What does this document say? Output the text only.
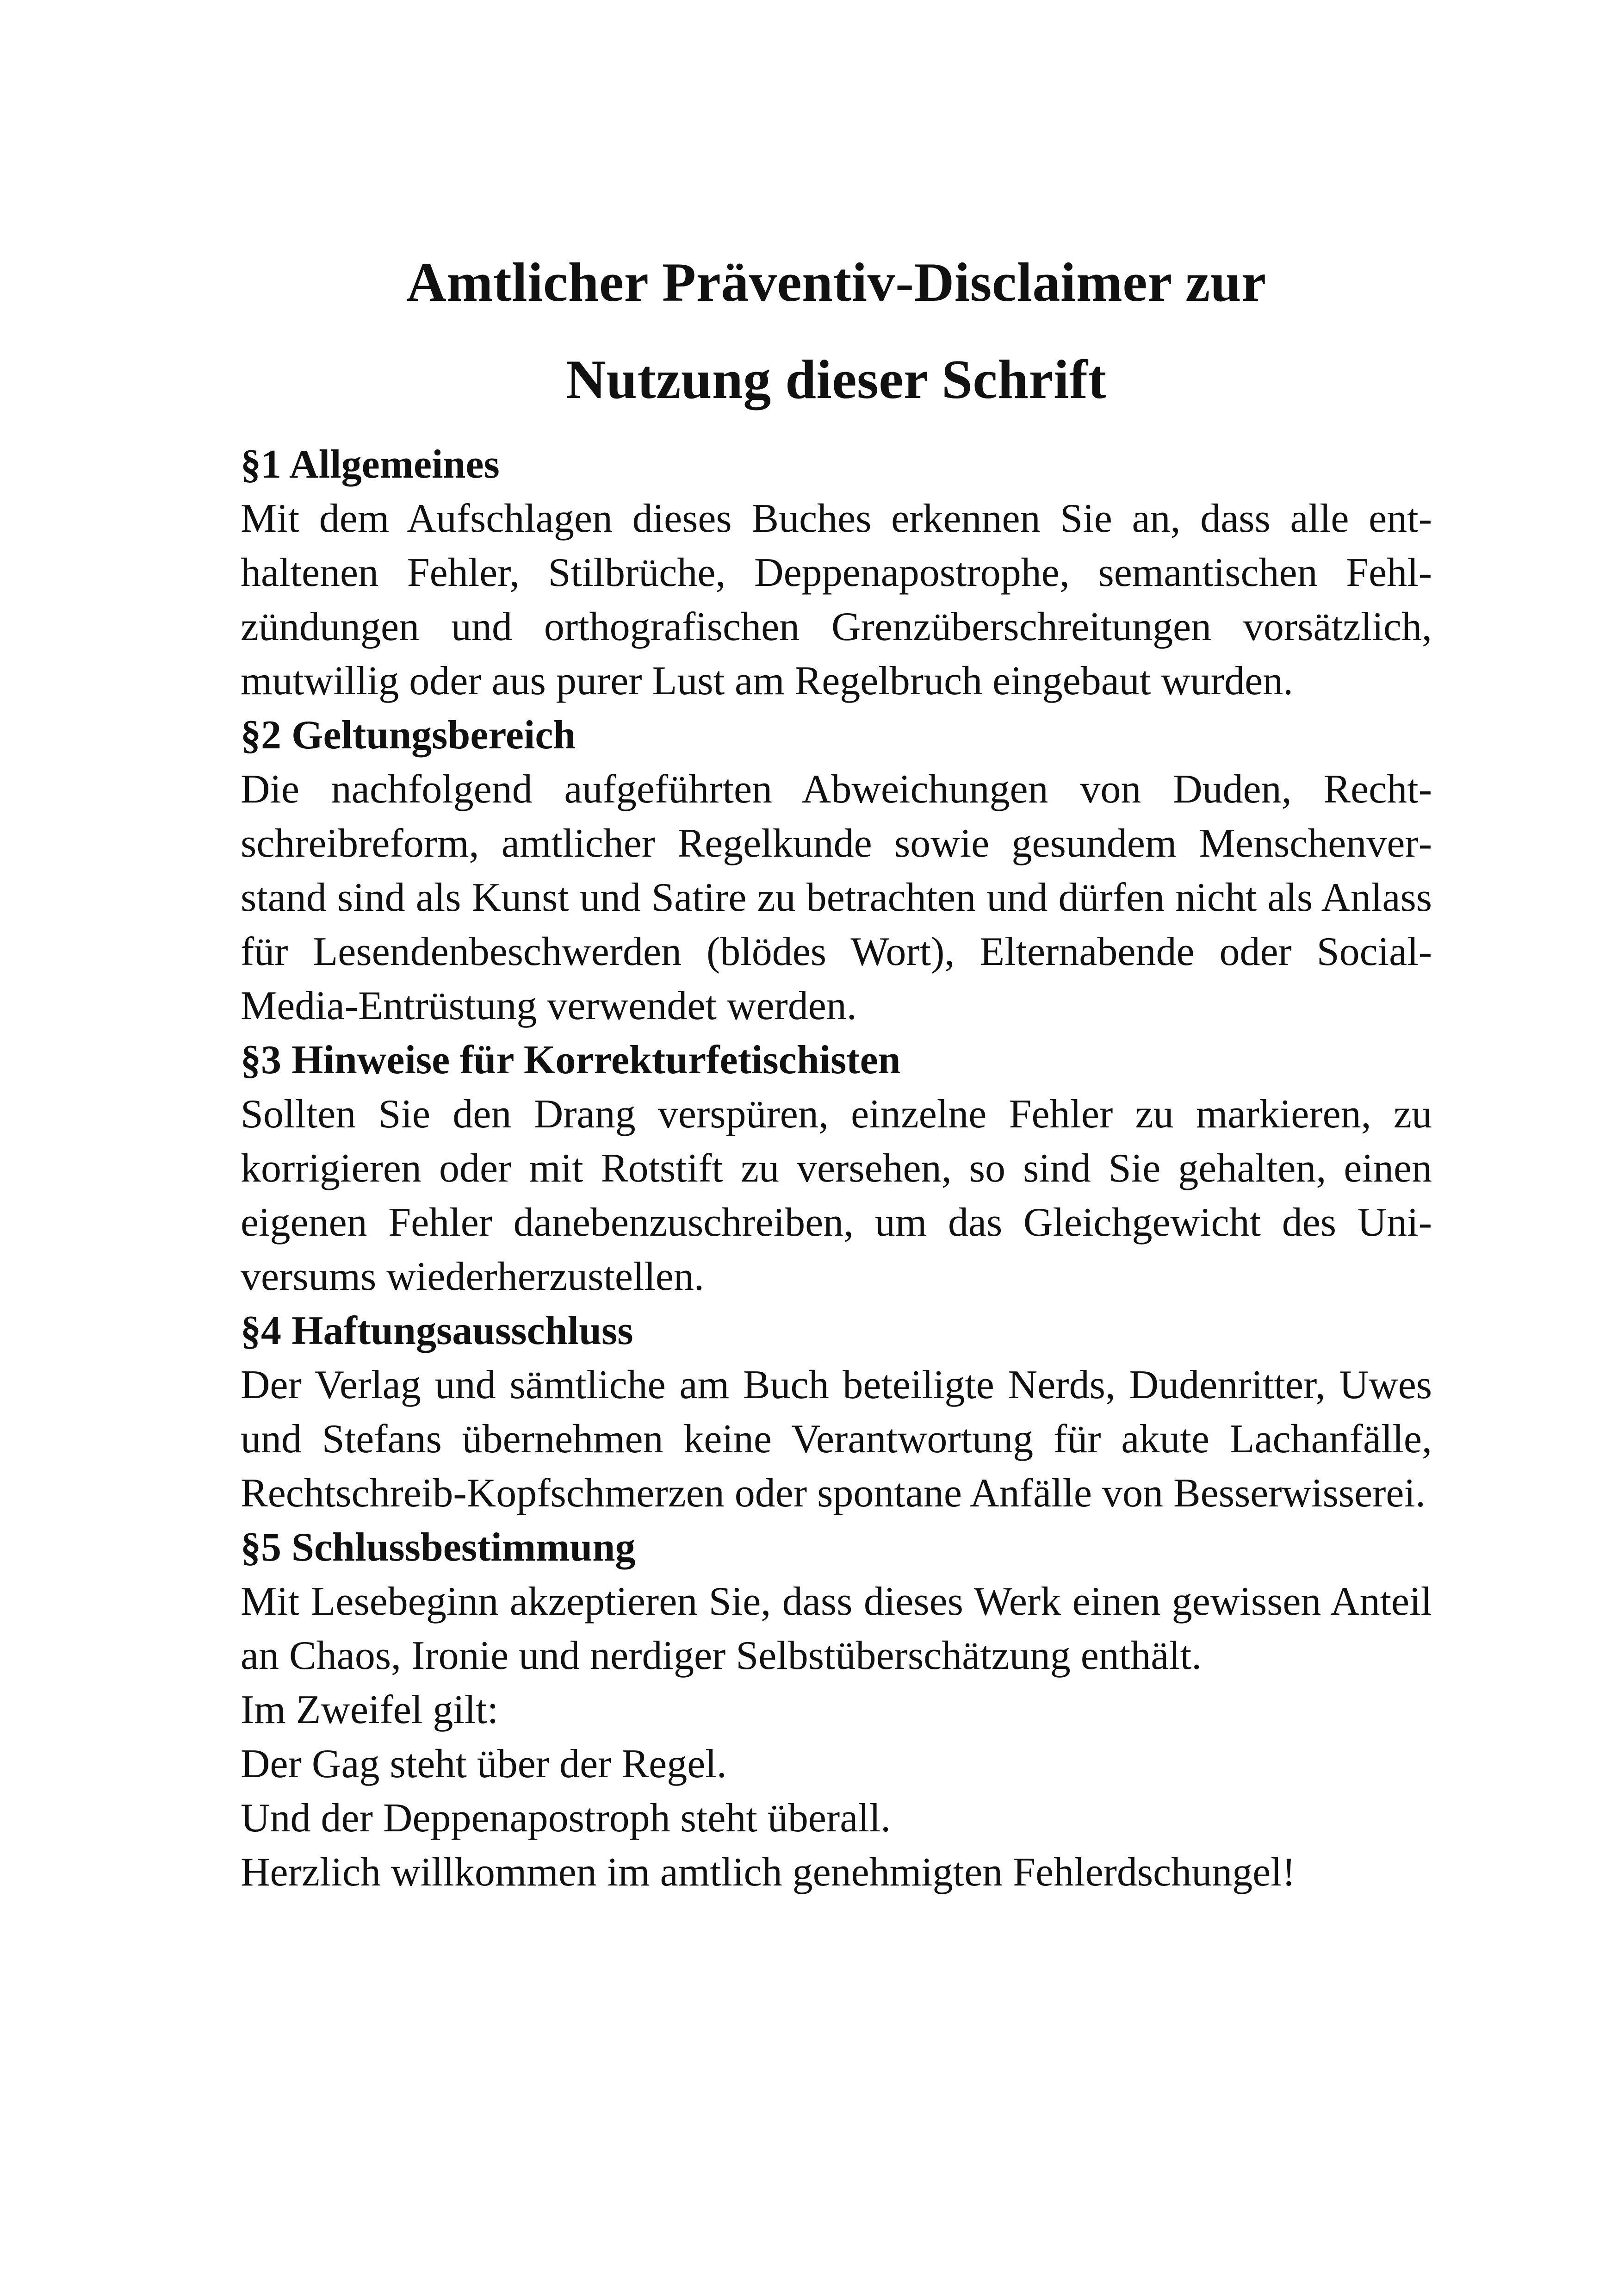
Amtlicher Präventiv-Disclaimer zur
Nutzung dieser Schrift

§1 Allgemeines

Mit dem Aufschlagen dieses Buches erkennen Sie an, dass alle enthaltenen Fehler, Stilbrüche, Deppenapostrophe, semantischen Fehlzündungen und orthografischen Grenzüberschreitungen vorsätzlich, mutwillig oder aus purer Lust am Regelbruch eingebaut wurden.

§2 Geltungsbereich

Die nachfolgend aufgeführten Abweichungen von Duden, Rechtschreibreform, amtlicher Regelkunde sowie gesundem Menschenverstand sind als Kunst und Satire zu betrachten und dürfen nicht als Anlass für Lesendenbeschwerden (blödes Wort), Elternabende oder Social-Media-Entrüstung verwendet werden.

§3 Hinweise für Korrekturfetischisten

Sollten Sie den Drang verspüren, einzelne Fehler zu markieren, zu korrigieren oder mit Rotstift zu versehen, so sind Sie gehalten, einen eigenen Fehler danebenzuschreiben, um das Gleichgewicht des Universums wiederherzustellen.

§4 Haftungsausschluss

Der Verlag und sämtliche am Buch beteiligte Nerds, Dudenritter, Uwes und Stefans übernehmen keine Verantwortung für akute Lachanfälle, Rechtschreib-Kopfschmerzen oder spontane Anfälle von Besserwisserei.

§5 Schlussbestimmung

Mit Lesebeginn akzeptieren Sie, dass dieses Werk einen gewissen Anteil an Chaos, Ironie und nerdiger Selbstüberschätzung enthält.

Im Zweifel gilt:

Der Gag steht über der Regel.

Und der Deppenapostroph steht überall.

Herzlich willkommen im amtlich genehmigten Fehlerdschungel!
